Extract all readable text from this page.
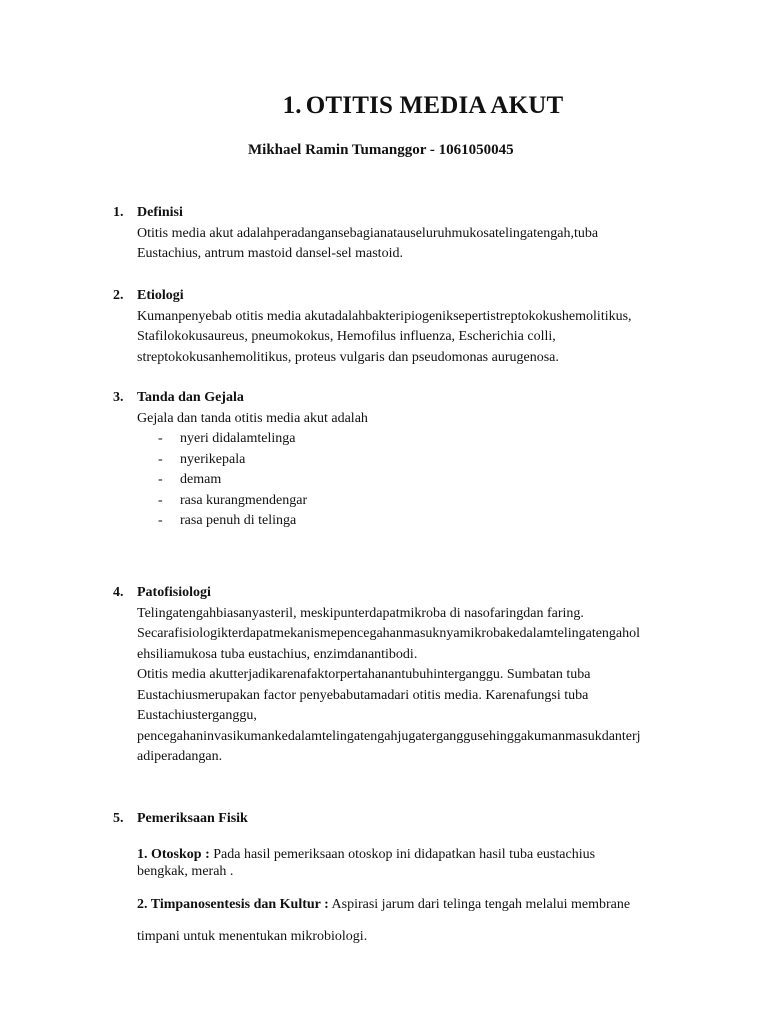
1. OTITIS MEDIA AKUT
Mikhael Ramin Tumanggor - 1061050045
1. Definisi
Otitis media akut adalahperadangansebagianatauseluruhmukosatelingatengah,tuba
Eustachius, antrum mastoid dansel-sel mastoid.
2. Etiologi
Kumanpenyebab otitis media akutadalahbakteripiogeniksepertistreptokokushemolitikus,
Stafilokokusaureus, pneumokokus, Hemofilus influenza, Escherichia colli,
streptokokusanhemolitikus, proteus vulgaris dan pseudomonas aurugenosa.
3. Tanda dan Gejala
Gejala dan tanda otitis media akut adalah
-	nyeri didalamtelinga
-	nyerikepala
-	demam
-	rasa kurangmendengar
-	rasa penuh di telinga
4. Patofisiologi
Telingatengahbiasanyasteril, meskipunterdapatmikroba di nasofaringdan faring.
Secarafisiologikterdapatmekanismepencegahanmasuknyamikrobakedalamtelingatengahol
ehsiliamukosa tuba eustachius, enzimdanantibodi.
Otitis media akutterjadikarenafaktorpertahanantubuhinterganggu. Sumbatan tuba
Eustachiusmerupakan factor penyebabutamadari otitis media. Karenafungsi tuba
Eustachiusterganggu,
pencegahaninvasikumankedalamtelingatengahjugaterganggusehinggakumanmasukdanterj
adiperadangan.
5. Pemeriksaan Fisik

1. Otoskop : Pada hasil pemeriksaan otoskop ini didapatkan hasil tuba eustachius
bengkak, merah .

2. Timpanosentesis dan Kultur : Aspirasi jarum dari telinga tengah melalui membrane
timpani untuk menentukan mikrobiologi.
